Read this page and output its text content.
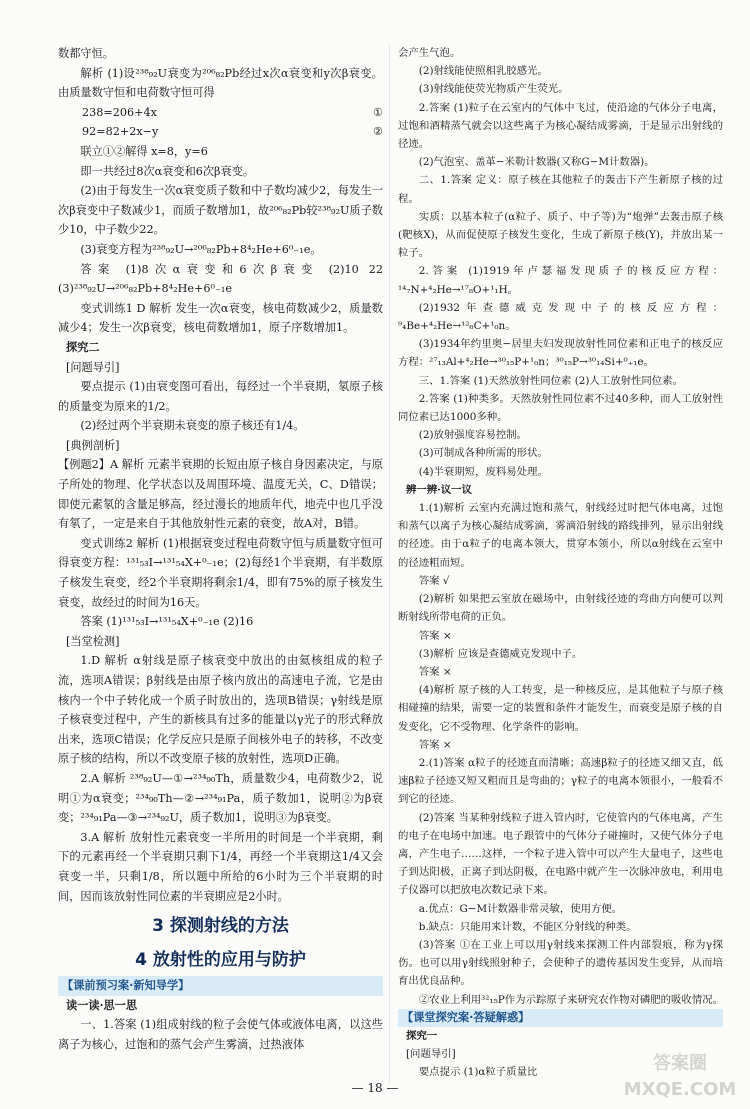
数都守恒。

解析 (1)设²³⁸₉₂U衰变为²⁰⁶₈₂Pb经过x次α衰变和y次β衰变。由质量数守恒和电荷数守恒可得

238=206+4x	①

92=82+2x−y	②

联立①②解得 x=8，y=6

即一共经过8次α衰变和6次β衰变。

(2)由于每发生一次α衰变质子数和中子数均减少2，每发生一次β衰变中子数减少1，而质子数增加1，故²⁰⁶₈₂Pb较²³⁸₉₂U质子数少10，中子数少22。

(3)衰变方程为²³⁸₉₂U→²⁰⁶₈₂Pb+8⁴₂He+6⁰₋₁e。

答案 (1)8次α衰变和6次β衰变 (2)10 22 (3)²³⁸₉₂U→²⁰⁶₈₂Pb+8⁴₂He+6⁰₋₁e

变式训练1 D 解析 发生一次α衰变，核电荷数减少2，质量数减少4；发生一次β衰变，核电荷数增加1，原子序数增加1。

探究二

[问题导引]

要点提示 (1)由衰变图可看出，每经过一个半衰期，氡原子核的质量变为原来的1/2。

(2)经过两个半衰期未衰变的原子核还有1/4。

[典例剖析]

【例题2】A 解析 元素半衰期的长短由原子核自身因素决定，与原子所处的物理、化学状态以及周围环境、温度无关，C、D错误；即使元素氡的含量足够高，经过漫长的地质年代，地壳中也几乎没有氡了，一定是来自于其他放射性元素的衰变，故A对，B错。

变式训练2 解析 (1)根据衰变过程电荷数守恒与质量数守恒可得衰变方程：¹³¹₅₃I→¹³¹₅₄X+⁰₋₁e；(2)每经1个半衰期，有半数原子核发生衰变，经2个半衰期将剩余1/4，即有75%的原子核发生衰变，故经过的时间为16天。

答案 (1)¹³¹₅₃I→¹³¹₅₄X+⁰₋₁e (2)16

[当堂检测]

1.D 解析 α射线是原子核衰变中放出的由氦核组成的粒子流，选项A错误；β射线是由原子核内放出的高速电子流，它是由核内一个中子转化成一个质子时放出的，选项B错误；γ射线是原子核衰变过程中，产生的新核具有过多的能量以γ光子的形式释放出来，选项C错误；化学反应只是原子间核外电子的转移，不改变原子核的结构，所以不改变原子核的放射性，选项D正确。

2.A 解析 ²³⁸₉₂U—①→²³⁴₉₀Th，质量数少4，电荷数少2，说明①为α衰变；²³⁴₉₀Th—②→²³⁴₉₁Pa，质子数加1，说明②为β衰变；²³⁴₉₁Pa—③→²³⁴₉₂U，质子数加1，说明③为β衰变。

3.A 解析 放射性元素衰变一半所用的时间是一个半衰期，剩下的元素再经一个半衰期只剩下1/4，再经一个半衰期这1/4又会衰变一半，只剩1/8，所以题中所给的6小时为三个半衰期的时间，因而该放射性同位素的半衰期应是2小时。

3 探测射线的方法
4 放射性的应用与防护

【课前预习案·新知导学】

读一读·思一思

一、1.答案 (1)组成射线的粒子会使气体或液体电离，以这些离子为核心，过饱和的蒸气会产生雾滴，过热液体

会产生气泡。

(2)射线能使照相乳胶感光。

(3)射线能使荧光物质产生荧光。

2.答案 (1)粒子在云室内的气体中飞过，使沿途的气体分子电离，过饱和酒精蒸气就会以这些离子为核心凝结成雾滴，于是显示出射线的径迹。

(2)气泡室、盖革−米勒计数器(又称G−M计数器)。

二、1.答案 定义：原子核在其他粒子的轰击下产生新原子核的过程。

实质：以基本粒子(α粒子、质子、中子等)为“炮弹”去轰击原子核(靶核X)，从而促使原子核发生变化，生成了新原子核(Y)，并放出某一粒子。

2.答案 (1)1919年卢瑟福发现质子的核反应方程：¹⁴₇N+⁴₂He→¹⁷₈O+¹₁H。

(2)1932年查德威克发现中子的核反应方程：⁹₄Be+⁴₂He→¹²₆C+¹₀n。

(3)1934年约里奥−居里夫妇发现放射性同位素和正电子的核反应方程：²⁷₁₃Al+⁴₂He→³⁰₁₅P+¹₀n；³⁰₁₅P→³⁰₁₄Si+⁰₊₁e。

三、1.答案 (1)天然放射性同位素 (2)人工放射性同位素。

2.答案 (1)种类多。天然放射性同位素不过40多种，而人工放射性同位素已达1000多种。

(2)放射强度容易控制。

(3)可制成各种所需的形状。

(4)半衰期短，废料易处理。

辨一辨·议一议

1.(1)解析 云室内充满过饱和蒸气，射线经过时把气体电离，过饱和蒸气以离子为核心凝结成雾滴，雾滴沿射线的路线排列，显示出射线的径迹。由于α粒子的电离本领大，贯穿本领小，所以α射线在云室中的径迹粗而短。

答案 √

(2)解析 如果把云室放在磁场中，由射线径迹的弯曲方向便可以判断射线所带电荷的正负。

答案 ×

(3)解析 应该是查德威克发现中子。

答案 ×

(4)解析 原子核的人工转变，是一种核反应，是其他粒子与原子核相碰撞的结果，需要一定的装置和条件才能发生，而衰变是原子核的自发变化，它不受物理、化学条件的影响。

答案 ×

2.(1)答案 α粒子的径迹直而清晰；高速β粒子的径迹又细又直，低速β粒子径迹又短又粗而且是弯曲的；γ粒子的电离本领很小，一般看不到它的径迹。

(2)答案 当某种射线粒子进入管内时，它使管内的气体电离，产生的电子在电场中加速。电子跟管中的气体分子碰撞时，又使气体分子电离，产生电子……这样，一个粒子进入管中可以产生大量电子，这些电子到达阳极，正离子到达阴极，在电路中就产生一次脉冲放电，利用电子仪器可以把放电次数记录下来。

a.优点：G−M计数器非常灵敏，使用方便。

b.缺点：只能用来计数，不能区分射线的种类。

(3)答案 ①在工业上可以用γ射线来探测工件内部裂痕，称为γ探伤。也可以用γ射线照射种子，会使种子的遗传基因发生变异，从而培育出优良品种。

②农业上利用³²₁₅P作为示踪原子来研究农作物对磷肥的吸收情况。

【课堂探究案·答疑解惑】

探究一

[问题导引]

要点提示 (1)α粒子质量比

— 18 —
答案圈 MXQE.COM
